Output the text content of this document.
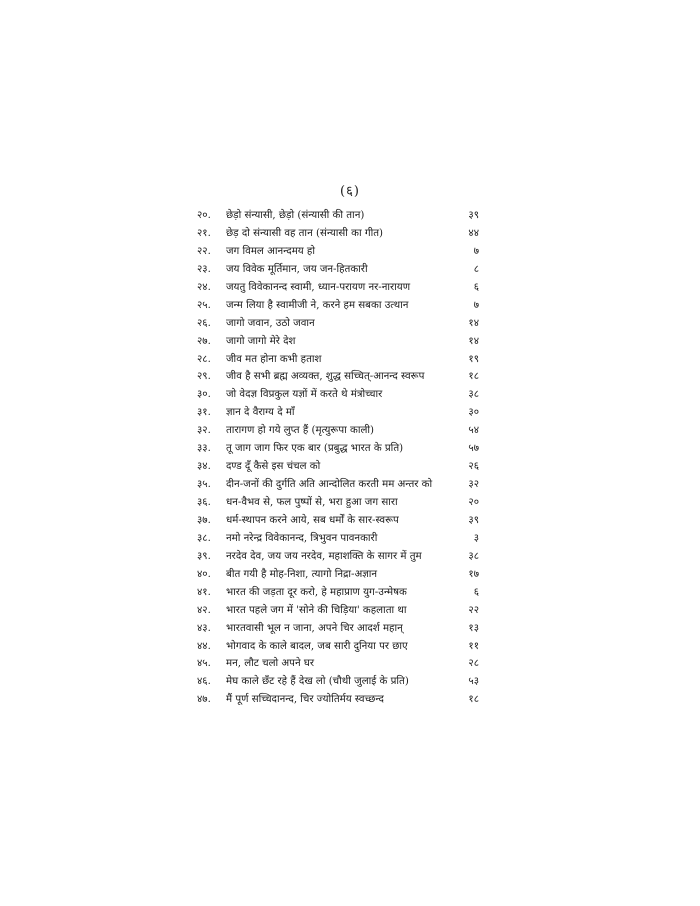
(६)
२०.	छेड़ो संन्यासी, छेड़ो (संन्यासी की तान)	३९
२१.	छेड़ दो संन्यासी वह तान (संन्यासी का गीत)	४४
२२.	जग विमल आनन्दमय हो	७
२३.	जय विवेक मूर्तिमान, जय जन-हितकारी	८
२४.	जयतु विवेकानन्द स्वामी, ध्यान-परायण नर-नारायण	६
२५.	जन्म लिया है स्वामीजी ने, करने हम सबका उत्थान	७
२६.	जागो जवान, उठो जवान	१४
२७.	जागो जागो मेरे देश	१४
२८.	जीव मत होना कभी हताश	१९
२९.	जीव है सभी ब्रह्म अव्यक्त, शुद्ध सच्चित्-आनन्द स्वरूप	१८
३०.	जो वेदज्ञ विप्रकुल यज्ञों में करते थे मंत्रोच्चार	३८
३१.	ज्ञान दे वैराग्य दे माँ	३०
३२.	तारागण हो गये लुप्त हैं (मृत्युरूपा काली)	५४
३३.	तू जाग जाग फिर एक बार (प्रबुद्ध भारत के प्रति)	५७
३४.	दण्ड दूँ कैसे इस चंचल को	२६
३५.	दीन-जनों की दुर्गति अति आन्दोलित करती मम अन्तर को	३२
३६.	धन-वैभव से, फल पुष्पों से, भरा हुआ जग सारा	२०
३७.	धर्म-स्थापन करने आये, सब धर्मों के सार-स्वरूप	३९
३८.	नमो नरेन्द्र विवेकानन्द, त्रिभुवन पावनकारी	३
३९.	नरदेव देव, जय जय नरदेव, महाशक्ति के सागर में तुम	३८
४०.	बीत गयी है मोह-निशा, त्यागो निद्रा-अज्ञान	१७
४१.	भारत की जड़ता दूर करो, हे महाप्राण युग-उन्मेषक	६
४२.	भारत पहले जग में 'सोने की चिड़िया' कहलाता था	२२
४३.	भारतवासी भूल न जाना, अपने चिर आदर्श महान्	१३
४४.	भोगवाद के काले बादल, जब सारी दुनिया पर छाए	११
४५.	मन, लौट चलो अपने घर	२८
४६.	मेघ काले छँट रहे हैं देख लो (चौथी जुलाई के प्रति)	५३
४७.	मैं पूर्ण सच्चिदानन्द, चिर ज्योतिर्मय स्वच्छन्द	१८
